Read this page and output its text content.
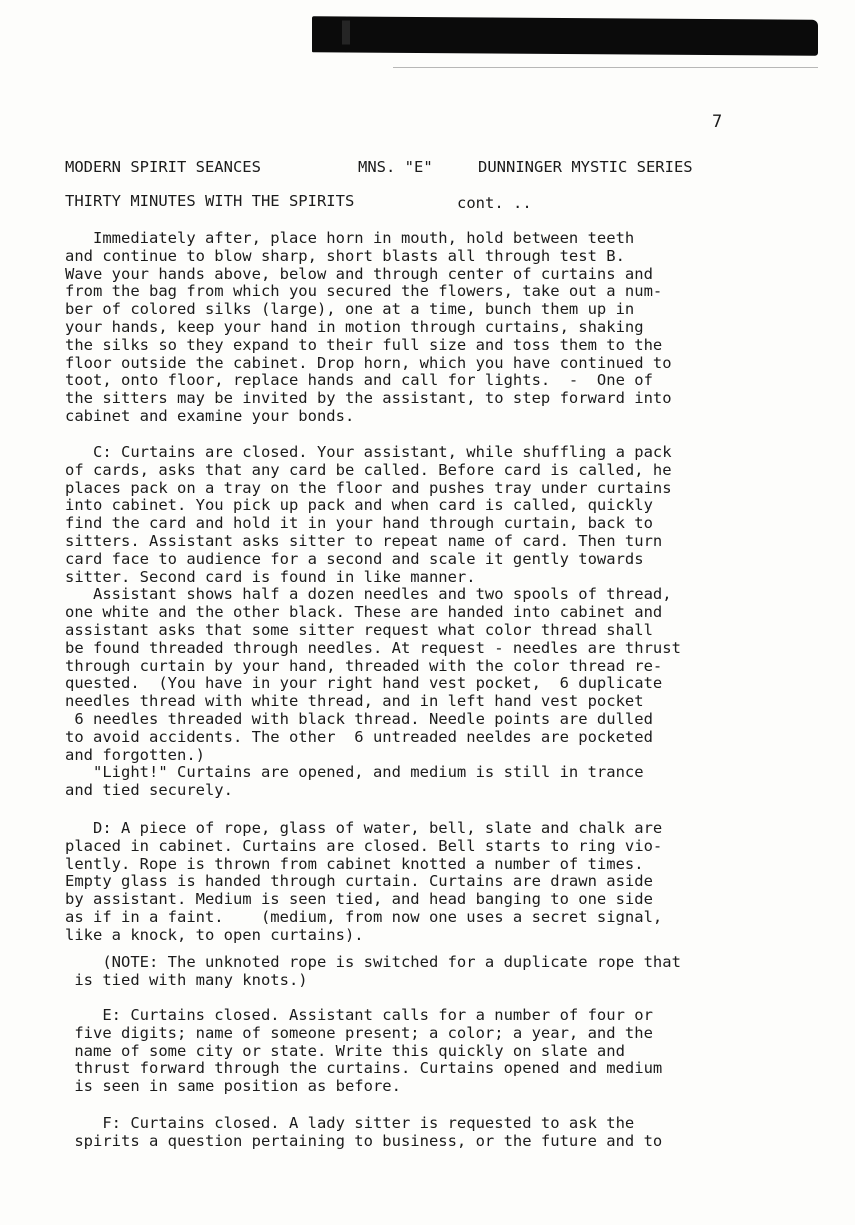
7
MODERN SPIRIT SEANCES	MNS. "E"	DUNNINGER MYSTIC SERIES
THIRTY MINUTES WITH THE SPIRITS	cont. ..
Immediately after, place horn in mouth, hold between teeth
and continue to blow sharp, short blasts all through test B.
Wave your hands above, below and through center of curtains and
from the bag from which you secured the flowers, take out a num-
ber of colored silks (large), one at a time, bunch them up in
your hands, keep your hand in motion through curtains, shaking
the silks so they expand to their full size and toss them to the
floor outside the cabinet. Drop horn, which you have continued to
toot, onto floor, replace hands and call for lights.  -  One of
the sitters may be invited by the assistant, to step forward into
cabinet and examine your bonds.
C: Curtains are closed. Your assistant, while shuffling a pack
of cards, asks that any card be called. Before card is called, he
places pack on a tray on the floor and pushes tray under curtains
into cabinet. You pick up pack and when card is called, quickly
find the card and hold it in your hand through curtain, back to
sitters. Assistant asks sitter to repeat name of card. Then turn
card face to audience for a second and scale it gently towards
sitter. Second card is found in like manner.
Assistant shows half a dozen needles and two spools of thread,
one white and the other black. These are handed into cabinet and
assistant asks that some sitter request what color thread shall
be found threaded through needles. At request - needles are thrust
through curtain by your hand, threaded with the color thread re-
quested.  (You have in your right hand vest pocket,  6 duplicate
needles thread with white thread, and in left hand vest pocket
6 needles threaded with black thread. Needle points are dulled
to avoid accidents. The other  6 untreaded neeldes are pocketed
and forgotten.)
"Light!" Curtains are opened, and medium is still in trance
and tied securely.
D: A piece of rope, glass of water, bell, slate and chalk are
placed in cabinet. Curtains are closed. Bell starts to ring vio-
lently. Rope is thrown from cabinet knotted a number of times.
Empty glass is handed through curtain. Curtains are drawn aside
by assistant. Medium is seen tied, and head banging to one side
as if in a faint.    (medium, from now one uses a secret signal,
like a knock, to open curtains).
(NOTE: The unknoted rope is switched for a duplicate rope that
is tied with many knots.)
E: Curtains closed. Assistant calls for a number of four or
five digits; name of someone present; a color; a year, and the
name of some city or state. Write this quickly on slate and
thrust forward through the curtains. Curtains opened and medium
is seen in same position as before.
F: Curtains closed. A lady sitter is requested to ask the
spirits a question pertaining to business, or the future and to
